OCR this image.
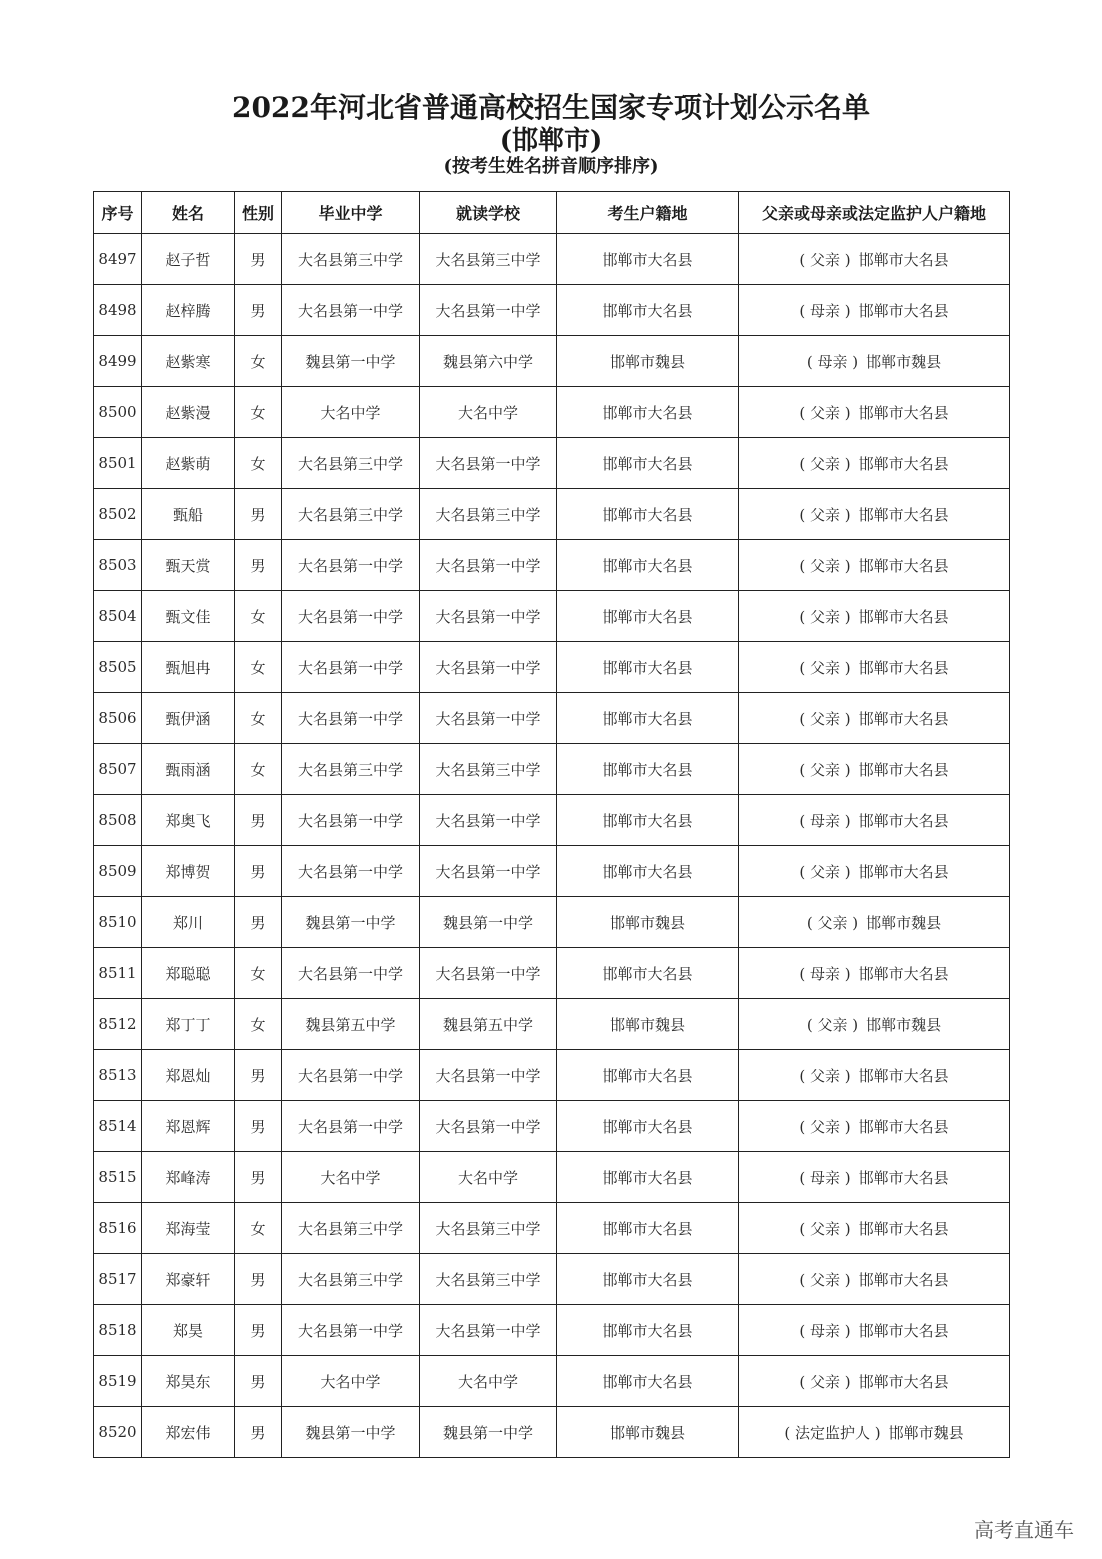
2022年河北省普通高校招生国家专项计划公示名单
(邯郸市)
(按考生姓名拼音顺序排序)
序号	姓名	性别	毕业中学	就读学校	考生户籍地	父亲或母亲或法定监护人户籍地
8497	赵子哲	男	大名县第三中学	大名县第三中学	邯郸市大名县	( 父亲 ) 邯郸市大名县
8498	赵梓腾	男	大名县第一中学	大名县第一中学	邯郸市大名县	( 母亲 ) 邯郸市大名县
8499	赵紫寒	女	魏县第一中学	魏县第六中学	邯郸市魏县	( 母亲 ) 邯郸市魏县
8500	赵紫漫	女	大名中学	大名中学	邯郸市大名县	( 父亲 ) 邯郸市大名县
8501	赵紫萌	女	大名县第三中学	大名县第一中学	邯郸市大名县	( 父亲 ) 邯郸市大名县
8502	甄船	男	大名县第三中学	大名县第三中学	邯郸市大名县	( 父亲 ) 邯郸市大名县
8503	甄天赏	男	大名县第一中学	大名县第一中学	邯郸市大名县	( 父亲 ) 邯郸市大名县
8504	甄文佳	女	大名县第一中学	大名县第一中学	邯郸市大名县	( 父亲 ) 邯郸市大名县
8505	甄旭冉	女	大名县第一中学	大名县第一中学	邯郸市大名县	( 父亲 ) 邯郸市大名县
8506	甄伊涵	女	大名县第一中学	大名县第一中学	邯郸市大名县	( 父亲 ) 邯郸市大名县
8507	甄雨涵	女	大名县第三中学	大名县第三中学	邯郸市大名县	( 父亲 ) 邯郸市大名县
8508	郑奥飞	男	大名县第一中学	大名县第一中学	邯郸市大名县	( 母亲 ) 邯郸市大名县
8509	郑博贺	男	大名县第一中学	大名县第一中学	邯郸市大名县	( 父亲 ) 邯郸市大名县
8510	郑川	男	魏县第一中学	魏县第一中学	邯郸市魏县	( 父亲 ) 邯郸市魏县
8511	郑聪聪	女	大名县第一中学	大名县第一中学	邯郸市大名县	( 母亲 ) 邯郸市大名县
8512	郑丁丁	女	魏县第五中学	魏县第五中学	邯郸市魏县	( 父亲 ) 邯郸市魏县
8513	郑恩灿	男	大名县第一中学	大名县第一中学	邯郸市大名县	( 父亲 ) 邯郸市大名县
8514	郑恩辉	男	大名县第一中学	大名县第一中学	邯郸市大名县	( 父亲 ) 邯郸市大名县
8515	郑峰涛	男	大名中学	大名中学	邯郸市大名县	( 母亲 ) 邯郸市大名县
8516	郑海莹	女	大名县第三中学	大名县第三中学	邯郸市大名县	( 父亲 ) 邯郸市大名县
8517	郑豪轩	男	大名县第三中学	大名县第三中学	邯郸市大名县	( 父亲 ) 邯郸市大名县
8518	郑昊	男	大名县第一中学	大名县第一中学	邯郸市大名县	( 母亲 ) 邯郸市大名县
8519	郑昊东	男	大名中学	大名中学	邯郸市大名县	( 父亲 ) 邯郸市大名县
8520	郑宏伟	男	魏县第一中学	魏县第一中学	邯郸市魏县	( 法定监护人 ) 邯郸市魏县
高考直通车
